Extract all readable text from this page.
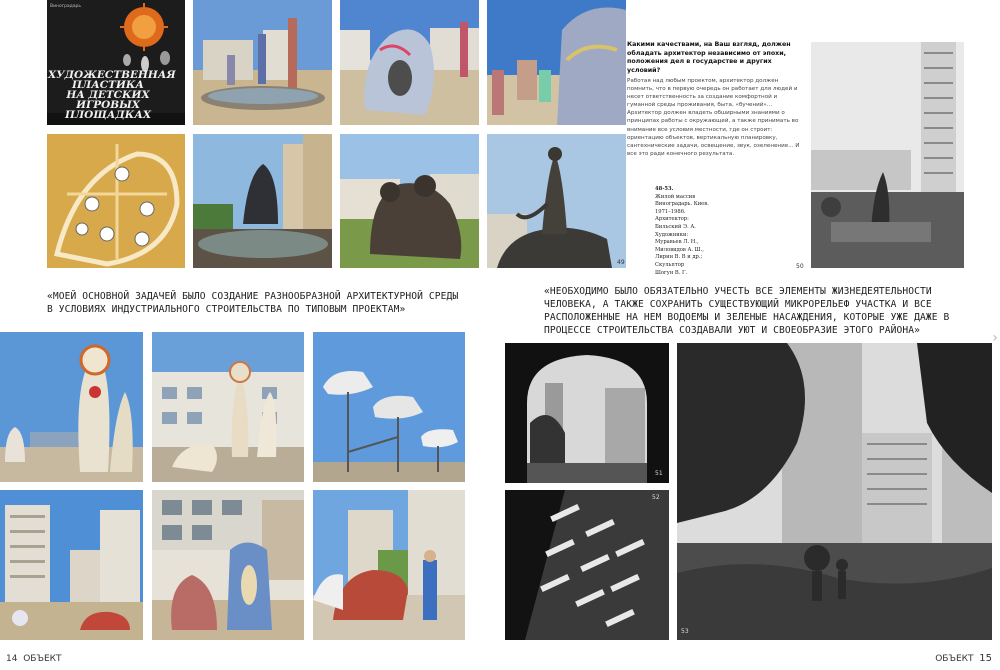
Виноградарь
ХУДОЖЕСТВЕННАЯ
ПЛАСТИКА
НА ДЕТСКИХ
ИГРОВЫХ ПЛОЩАДКАХ
49
«МОЕЙ ОСНОВНОЙ ЗАДАЧЕЙ БЫЛО СОЗДАНИЕ РАЗНООБРАЗНОЙ АРХИТЕКТУРНОЙ СРЕДЫ В УСЛОВИЯХ ИНДУСТРИАЛЬНОГО СТРОИТЕЛЬСТВА ПО ТИПОВЫМ ПРОЕКТАМ»
14 ОБЪЕКТ
Какими качествами, на Ваш взгляд, должен обладать архитектор независимо от эпохи, положения дел в государстве и других условий?
Работая над любым проектом, архитектор должен помнить, что в первую очередь он работает для людей и несет ответственность за создание комфортной и гуманной среды проживания, быта, «бучений»... Архитектор должен владеть обширными знаниями о принципах работы с окружающей, а также принимать во внимание все условия местности, где он строит: ориентацию объектов, вертикальную планировку, сантехнические задачи, освещение, звук, озеленение... И все это ради конечного результата.
48-53.
Жилой массив
Виноградарь. Киев.
1971–1986.
Архитектор:
Бильский Э. А.
Художники:
Муравьев Л. Н.,
Миловидов А. Ш.,
Лирин В. В и др.;
Скульптор
Шогун В. Г.
50
«НЕОБХОДИМО БЫЛО ОБЯЗАТЕЛЬНО УЧЕСТЬ ВСЕ ЭЛЕМЕНТЫ ЖИЗНЕДЕЯТЕЛЬНОСТИ ЧЕЛОВЕКА, А ТАКЖЕ СОХРАНИТЬ СУЩЕСТВУЮЩИЙ МИКРОРЕЛЬЕФ УЧАСТКА И ВСЕ РАСПОЛОЖЕННЫЕ НА НЕМ ВОДОЕМЫ И ЗЕЛЕНЫЕ НАСАЖДЕНИЯ, КОТОРЫЕ УЖЕ ДАЖЕ В ПРОЦЕССЕ СТРОИТЕЛЬСТВА СОЗДАВАЛИ УЮТ И СВОЕОБРАЗИЕ ЭТОГО РАЙОНА»
51
52
53
›
ОБЪЕКТ 15
